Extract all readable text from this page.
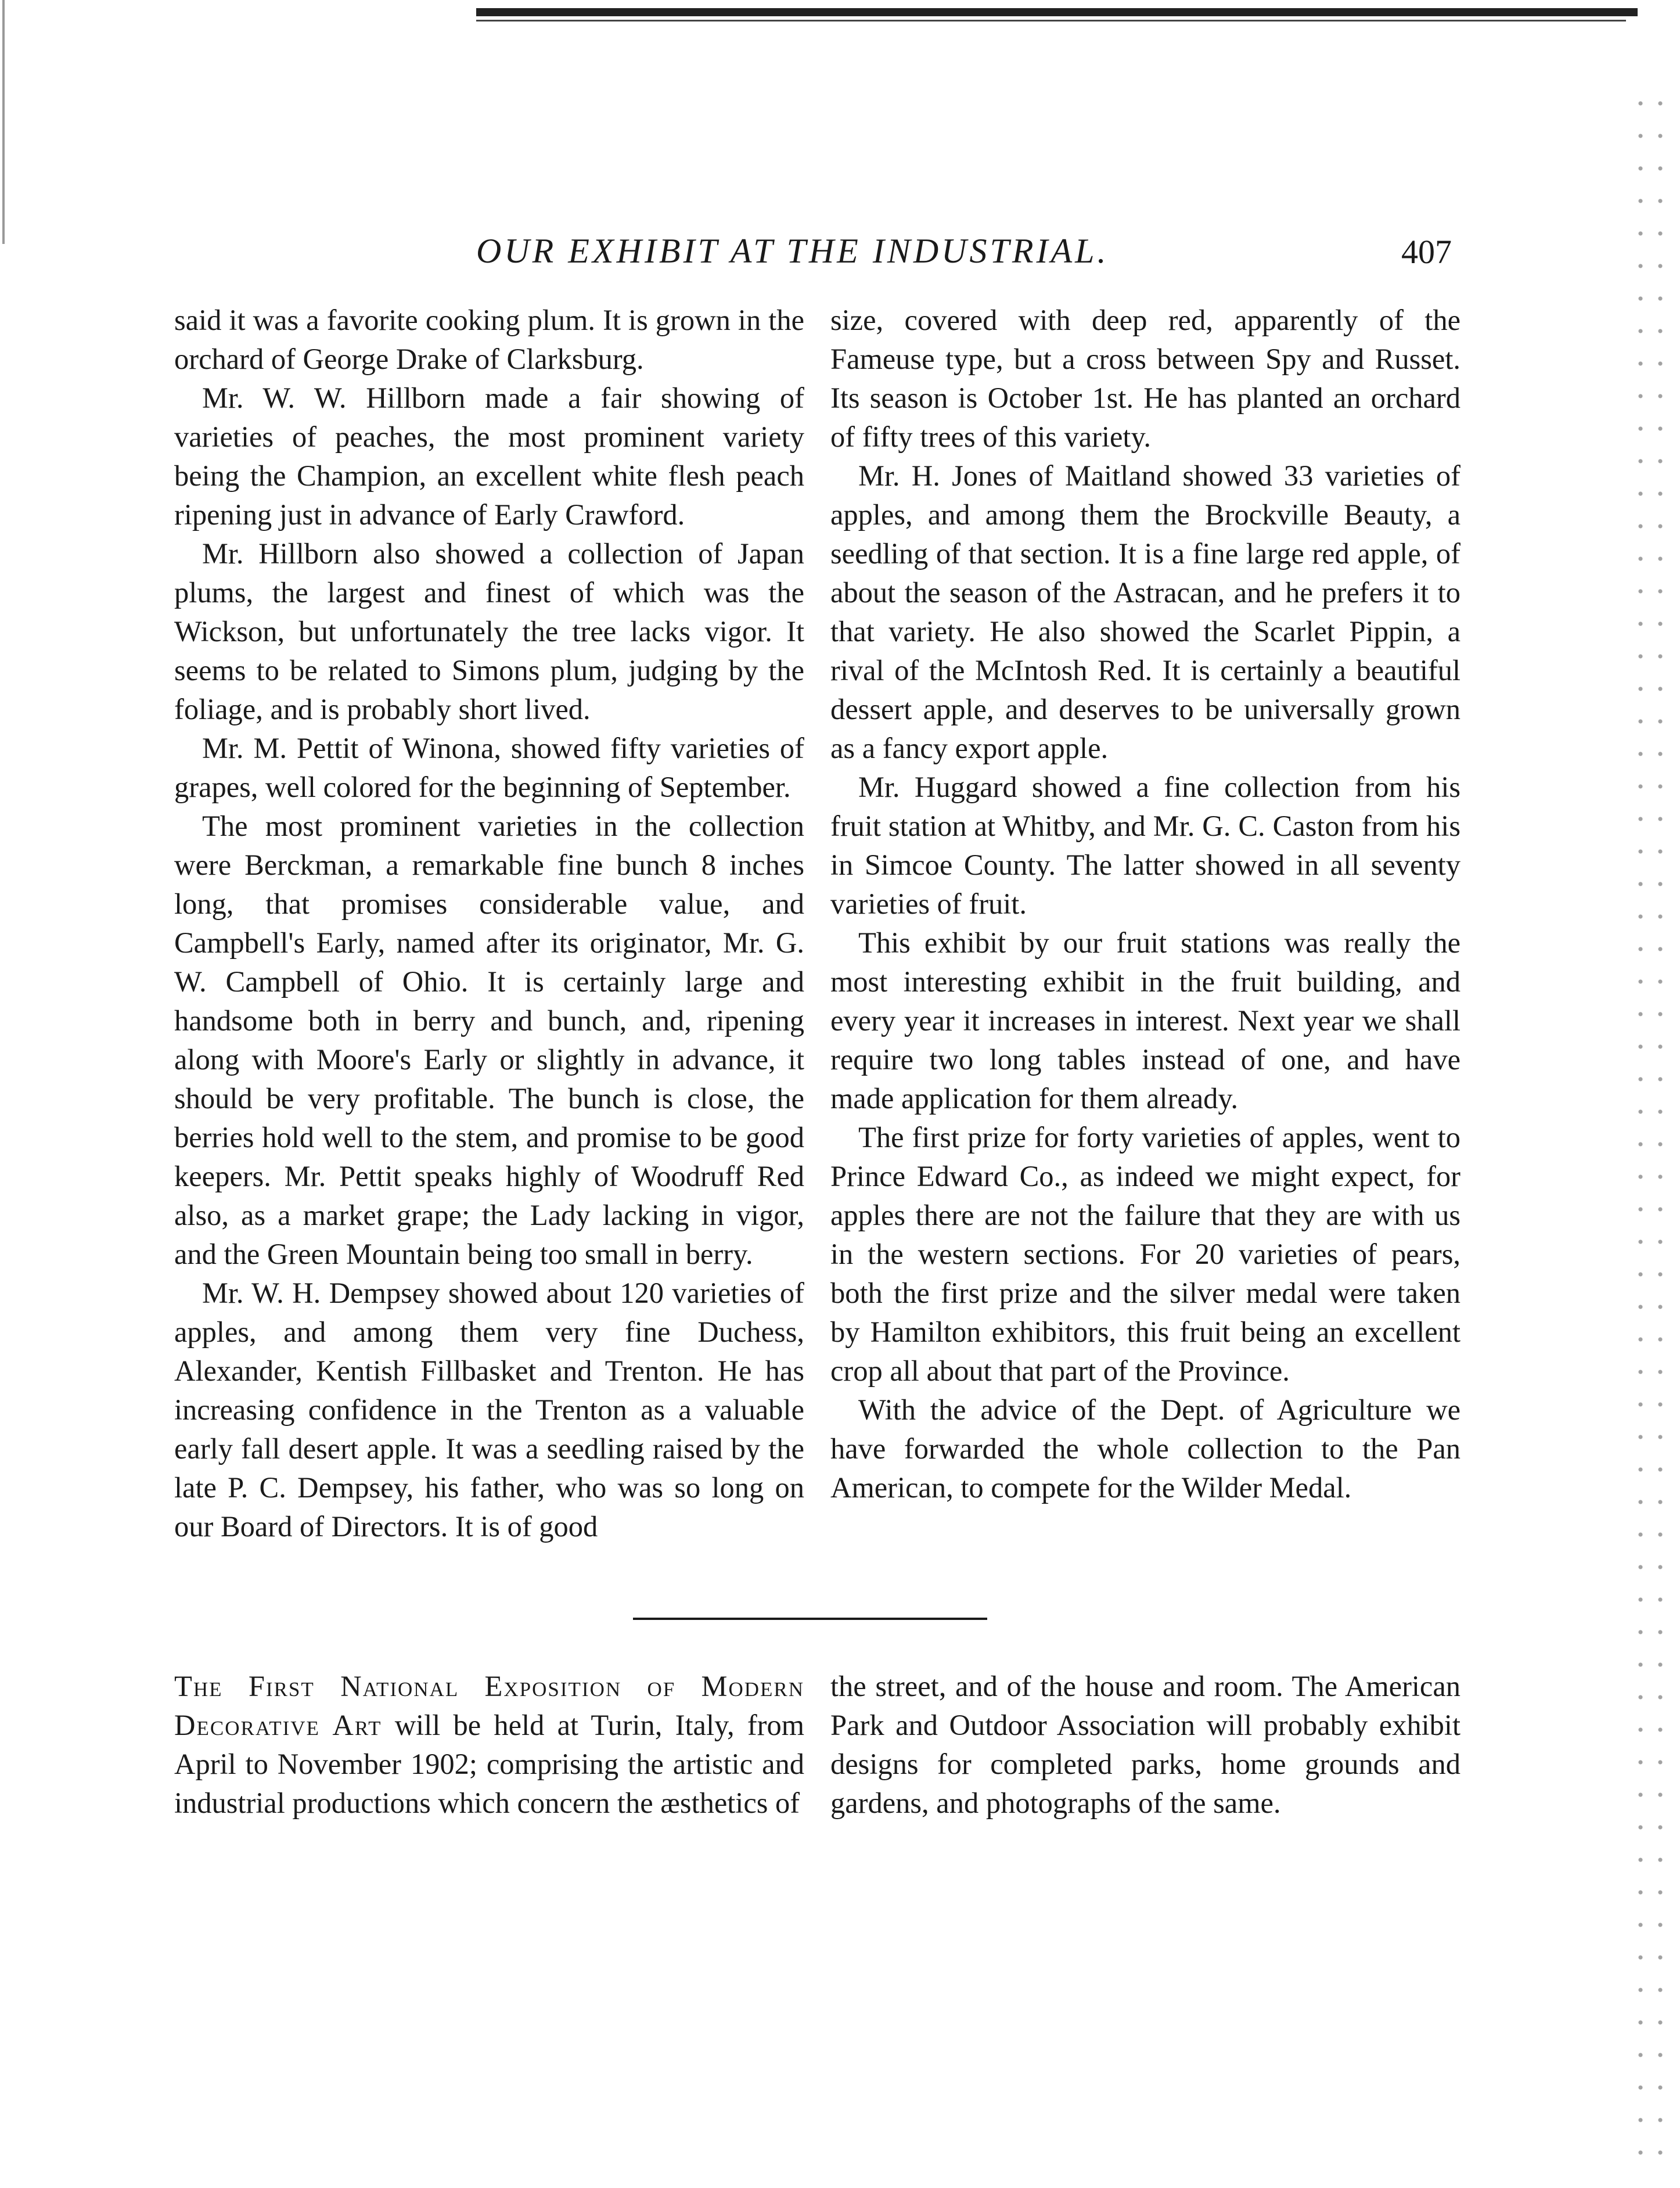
OUR EXHIBIT AT THE INDUSTRIAL.	407

said it was a favorite cooking plum. It is grown in the orchard of George Drake of Clarksburg.

Mr. W. W. Hillborn made a fair showing of varieties of peaches, the most prominent variety being the Champion, an excellent white flesh peach ripening just in advance of Early Crawford.

Mr. Hillborn also showed a collection of Japan plums, the largest and finest of which was the Wickson, but unfortunately the tree lacks vigor. It seems to be related to Simons plum, judging by the foliage, and is probably short lived.

Mr. M. Pettit of Winona, showed fifty varieties of grapes, well colored for the beginning of September.

The most prominent varieties in the collection were Berckman, a remarkable fine bunch 8 inches long, that promises considerable value, and Campbell's Early, named after its originator, Mr. G. W. Campbell of Ohio. It is certainly large and handsome both in berry and bunch, and, ripening along with Moore's Early or slightly in advance, it should be very profitable. The bunch is close, the berries hold well to the stem, and promise to be good keepers. Mr. Pettit speaks highly of Woodruff Red also, as a market grape; the Lady lacking in vigor, and the Green Mountain being too small in berry.

Mr. W. H. Dempsey showed about 120 varieties of apples, and among them very fine Duchess, Alexander, Kentish Fillbasket and Trenton. He has increasing confidence in the Trenton as a valuable early fall desert apple. It was a seedling raised by the late P. C. Dempsey, his father, who was so long on our Board of Directors. It is of good

size, covered with deep red, apparently of the Fameuse type, but a cross between Spy and Russet. Its season is October 1st. He has planted an orchard of fifty trees of this variety.

Mr. H. Jones of Maitland showed 33 varieties of apples, and among them the Brockville Beauty, a seedling of that section. It is a fine large red apple, of about the season of the Astracan, and he prefers it to that variety. He also showed the Scarlet Pippin, a rival of the McIntosh Red. It is certainly a beautiful dessert apple, and deserves to be universally grown as a fancy export apple.

Mr. Huggard showed a fine collection from his fruit station at Whitby, and Mr. G. C. Caston from his in Simcoe County. The latter showed in all seventy varieties of fruit.

This exhibit by our fruit stations was really the most interesting exhibit in the fruit building, and every year it increases in interest. Next year we shall require two long tables instead of one, and have made application for them already.

The first prize for forty varieties of apples, went to Prince Edward Co., as indeed we might expect, for apples there are not the failure that they are with us in the western sections. For 20 varieties of pears, both the first prize and the silver medal were taken by Hamilton exhibitors, this fruit being an excellent crop all about that part of the Province.

With the advice of the Dept. of Agriculture we have forwarded the whole collection to the Pan American, to compete for the Wilder Medal.

The First National Exposition of Modern Decorative Art will be held at Turin, Italy, from April to November 1902; comprising the artistic and industrial productions which concern the æsthetics of

the street, and of the house and room. The American Park and Outdoor Association will probably exhibit designs for completed parks, home grounds and gardens, and photographs of the same.
